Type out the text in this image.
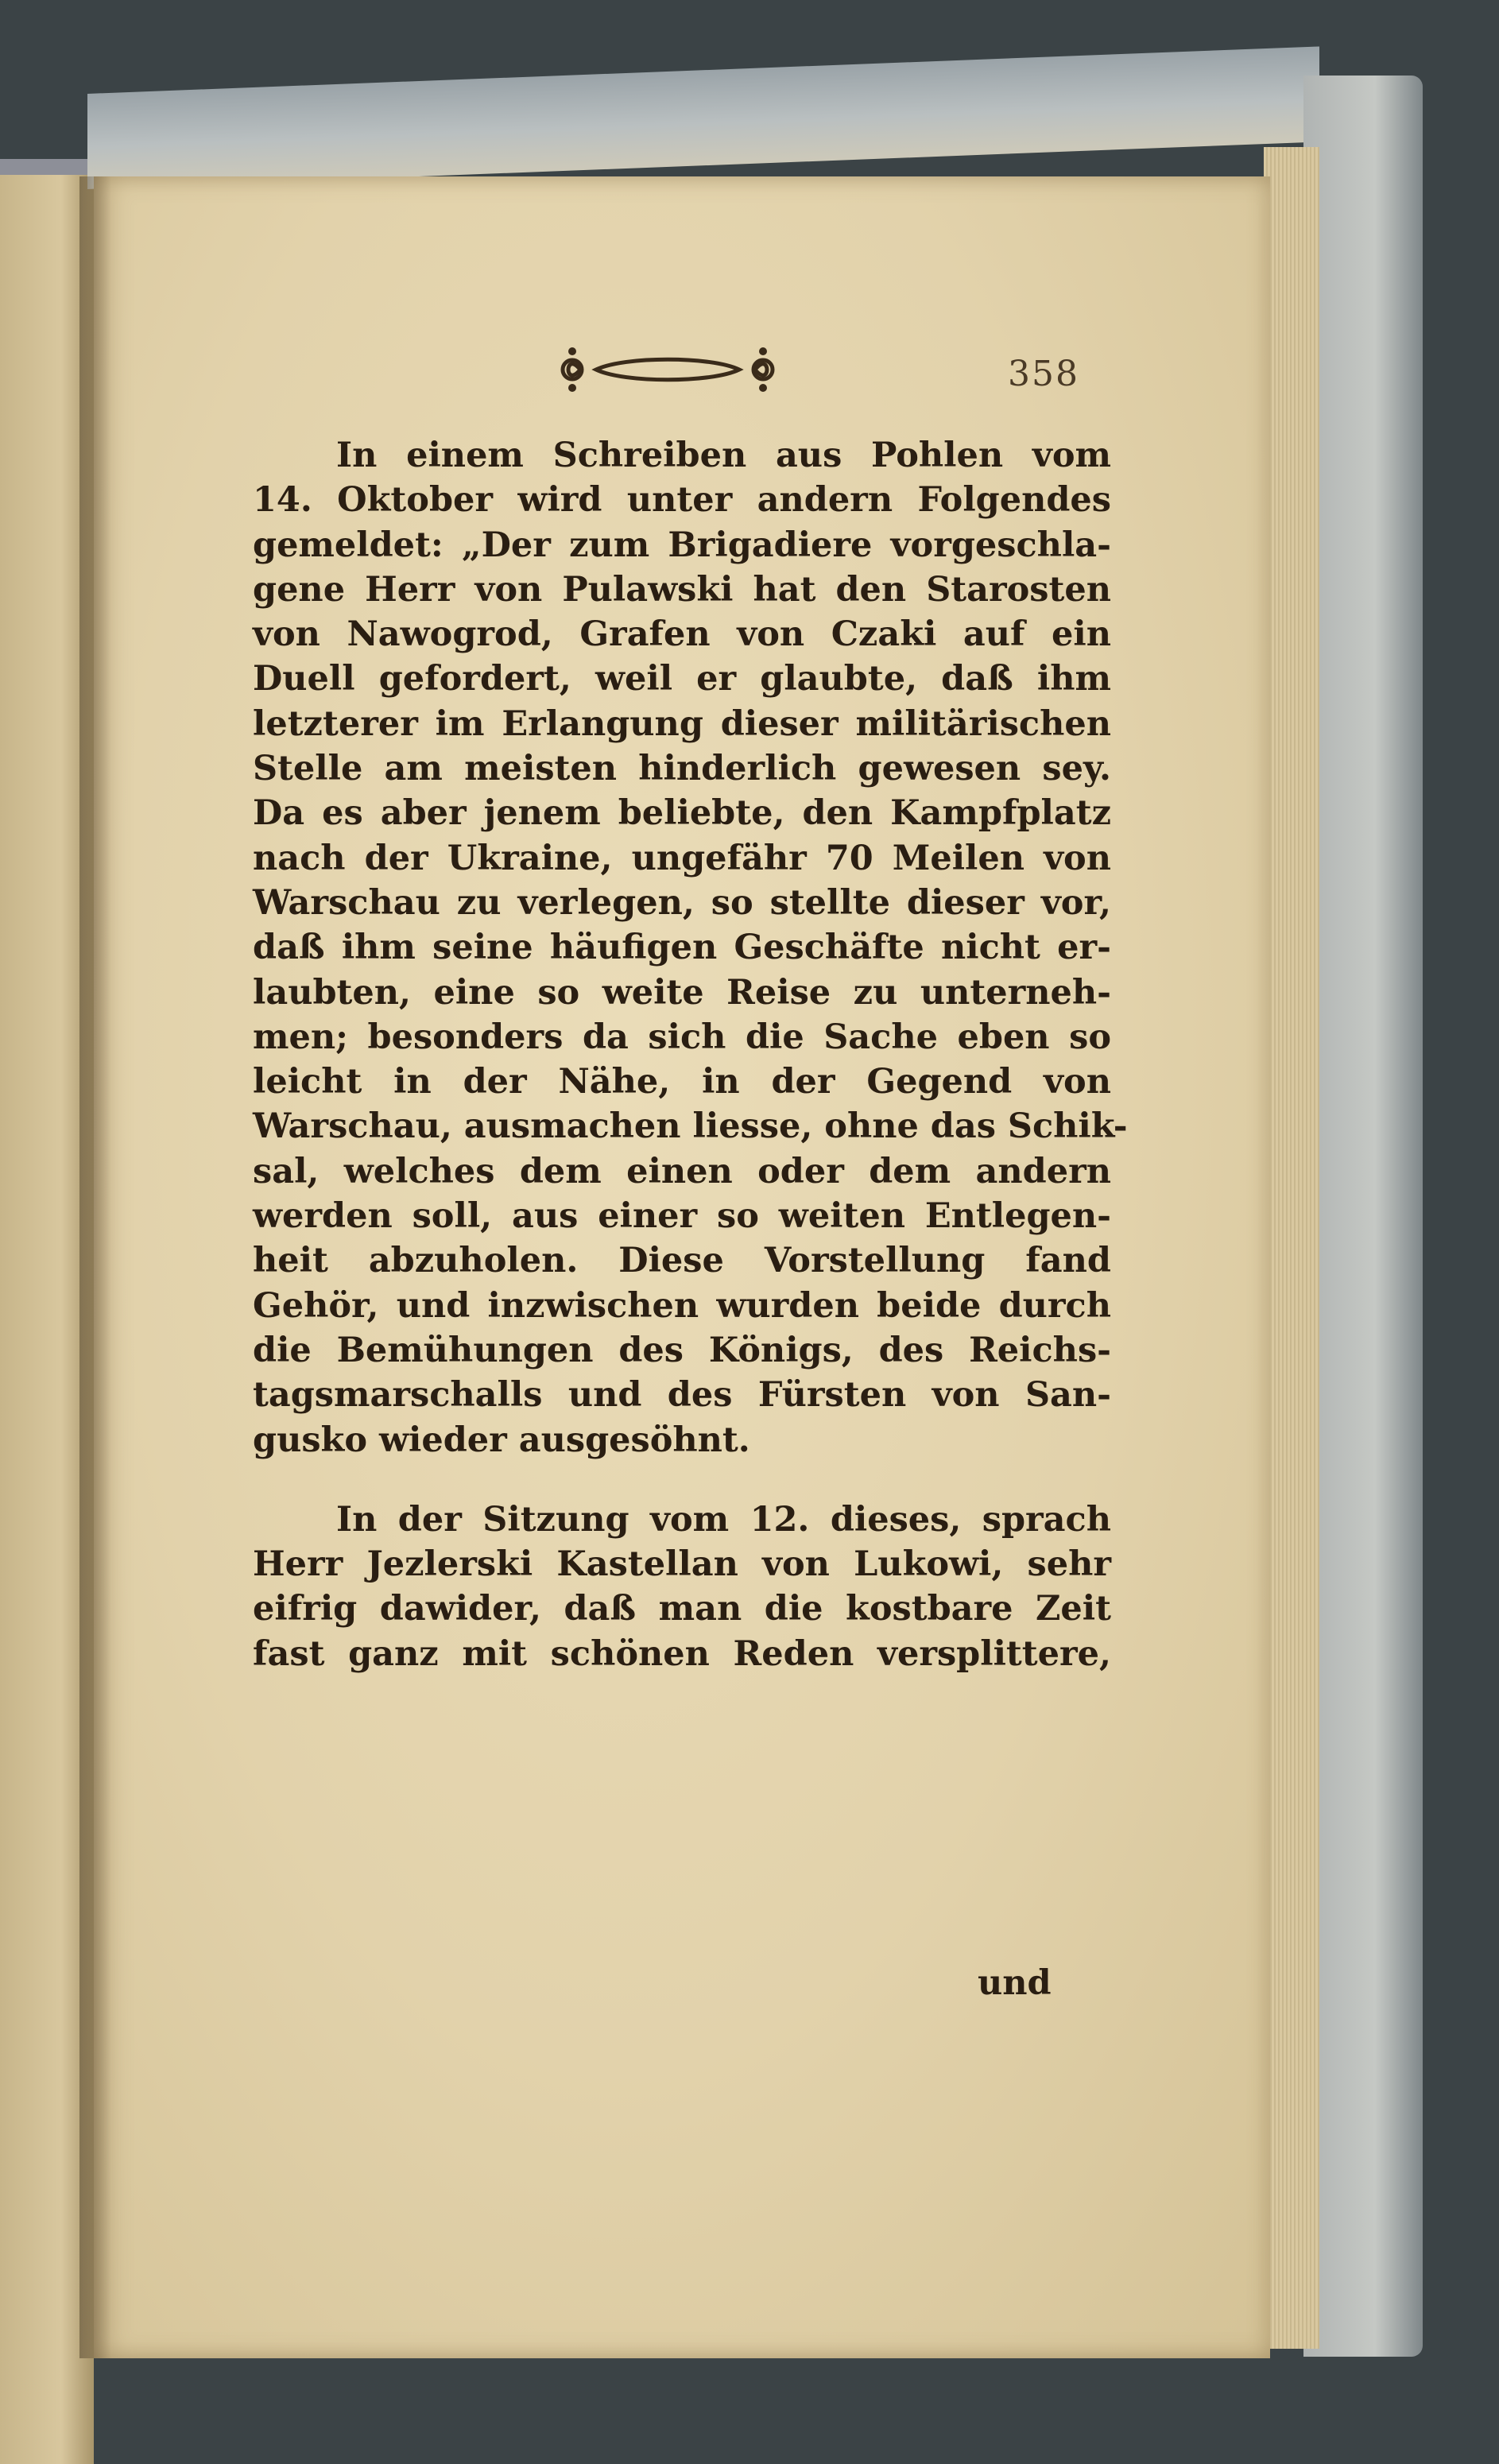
358
In einem Schreiben aus Pohlen vom
14. Oktober wird unter andern Folgendes
gemeldet: „Der zum Brigadiere vorgeschla-
gene Herr von Pulawski hat den Starosten
von Nawogrod, Grafen von Czaki auf ein
Duell gefordert, weil er glaubte, daß ihm
letzterer im Erlangung dieser militärischen
Stelle am meisten hinderlich gewesen sey.
Da es aber jenem beliebte, den Kampfplatz
nach der Ukraine, ungefähr 70 Meilen von
Warschau zu verlegen, so stellte dieser vor,
daß ihm seine häufigen Geschäfte nicht er-
laubten, eine so weite Reise zu unterneh-
men; besonders da sich die Sache eben so
leicht in der Nähe, in der Gegend von
Warschau, ausmachen liesse, ohne das Schik-
sal, welches dem einen oder dem andern
werden soll, aus einer so weiten Entlegen-
heit abzuholen. Diese Vorstellung fand
Gehör, und inzwischen wurden beide durch
die Bemühungen des Königs, des Reichs-
tagsmarschalls und des Fürsten von San-
gusko wieder ausgesöhnt.
In der Sitzung vom 12. dieses, sprach
Herr Jezlerski Kastellan von Lukowi, sehr
eifrig dawider, daß man die kostbare Zeit
fast ganz mit schönen Reden versplittere,
und
